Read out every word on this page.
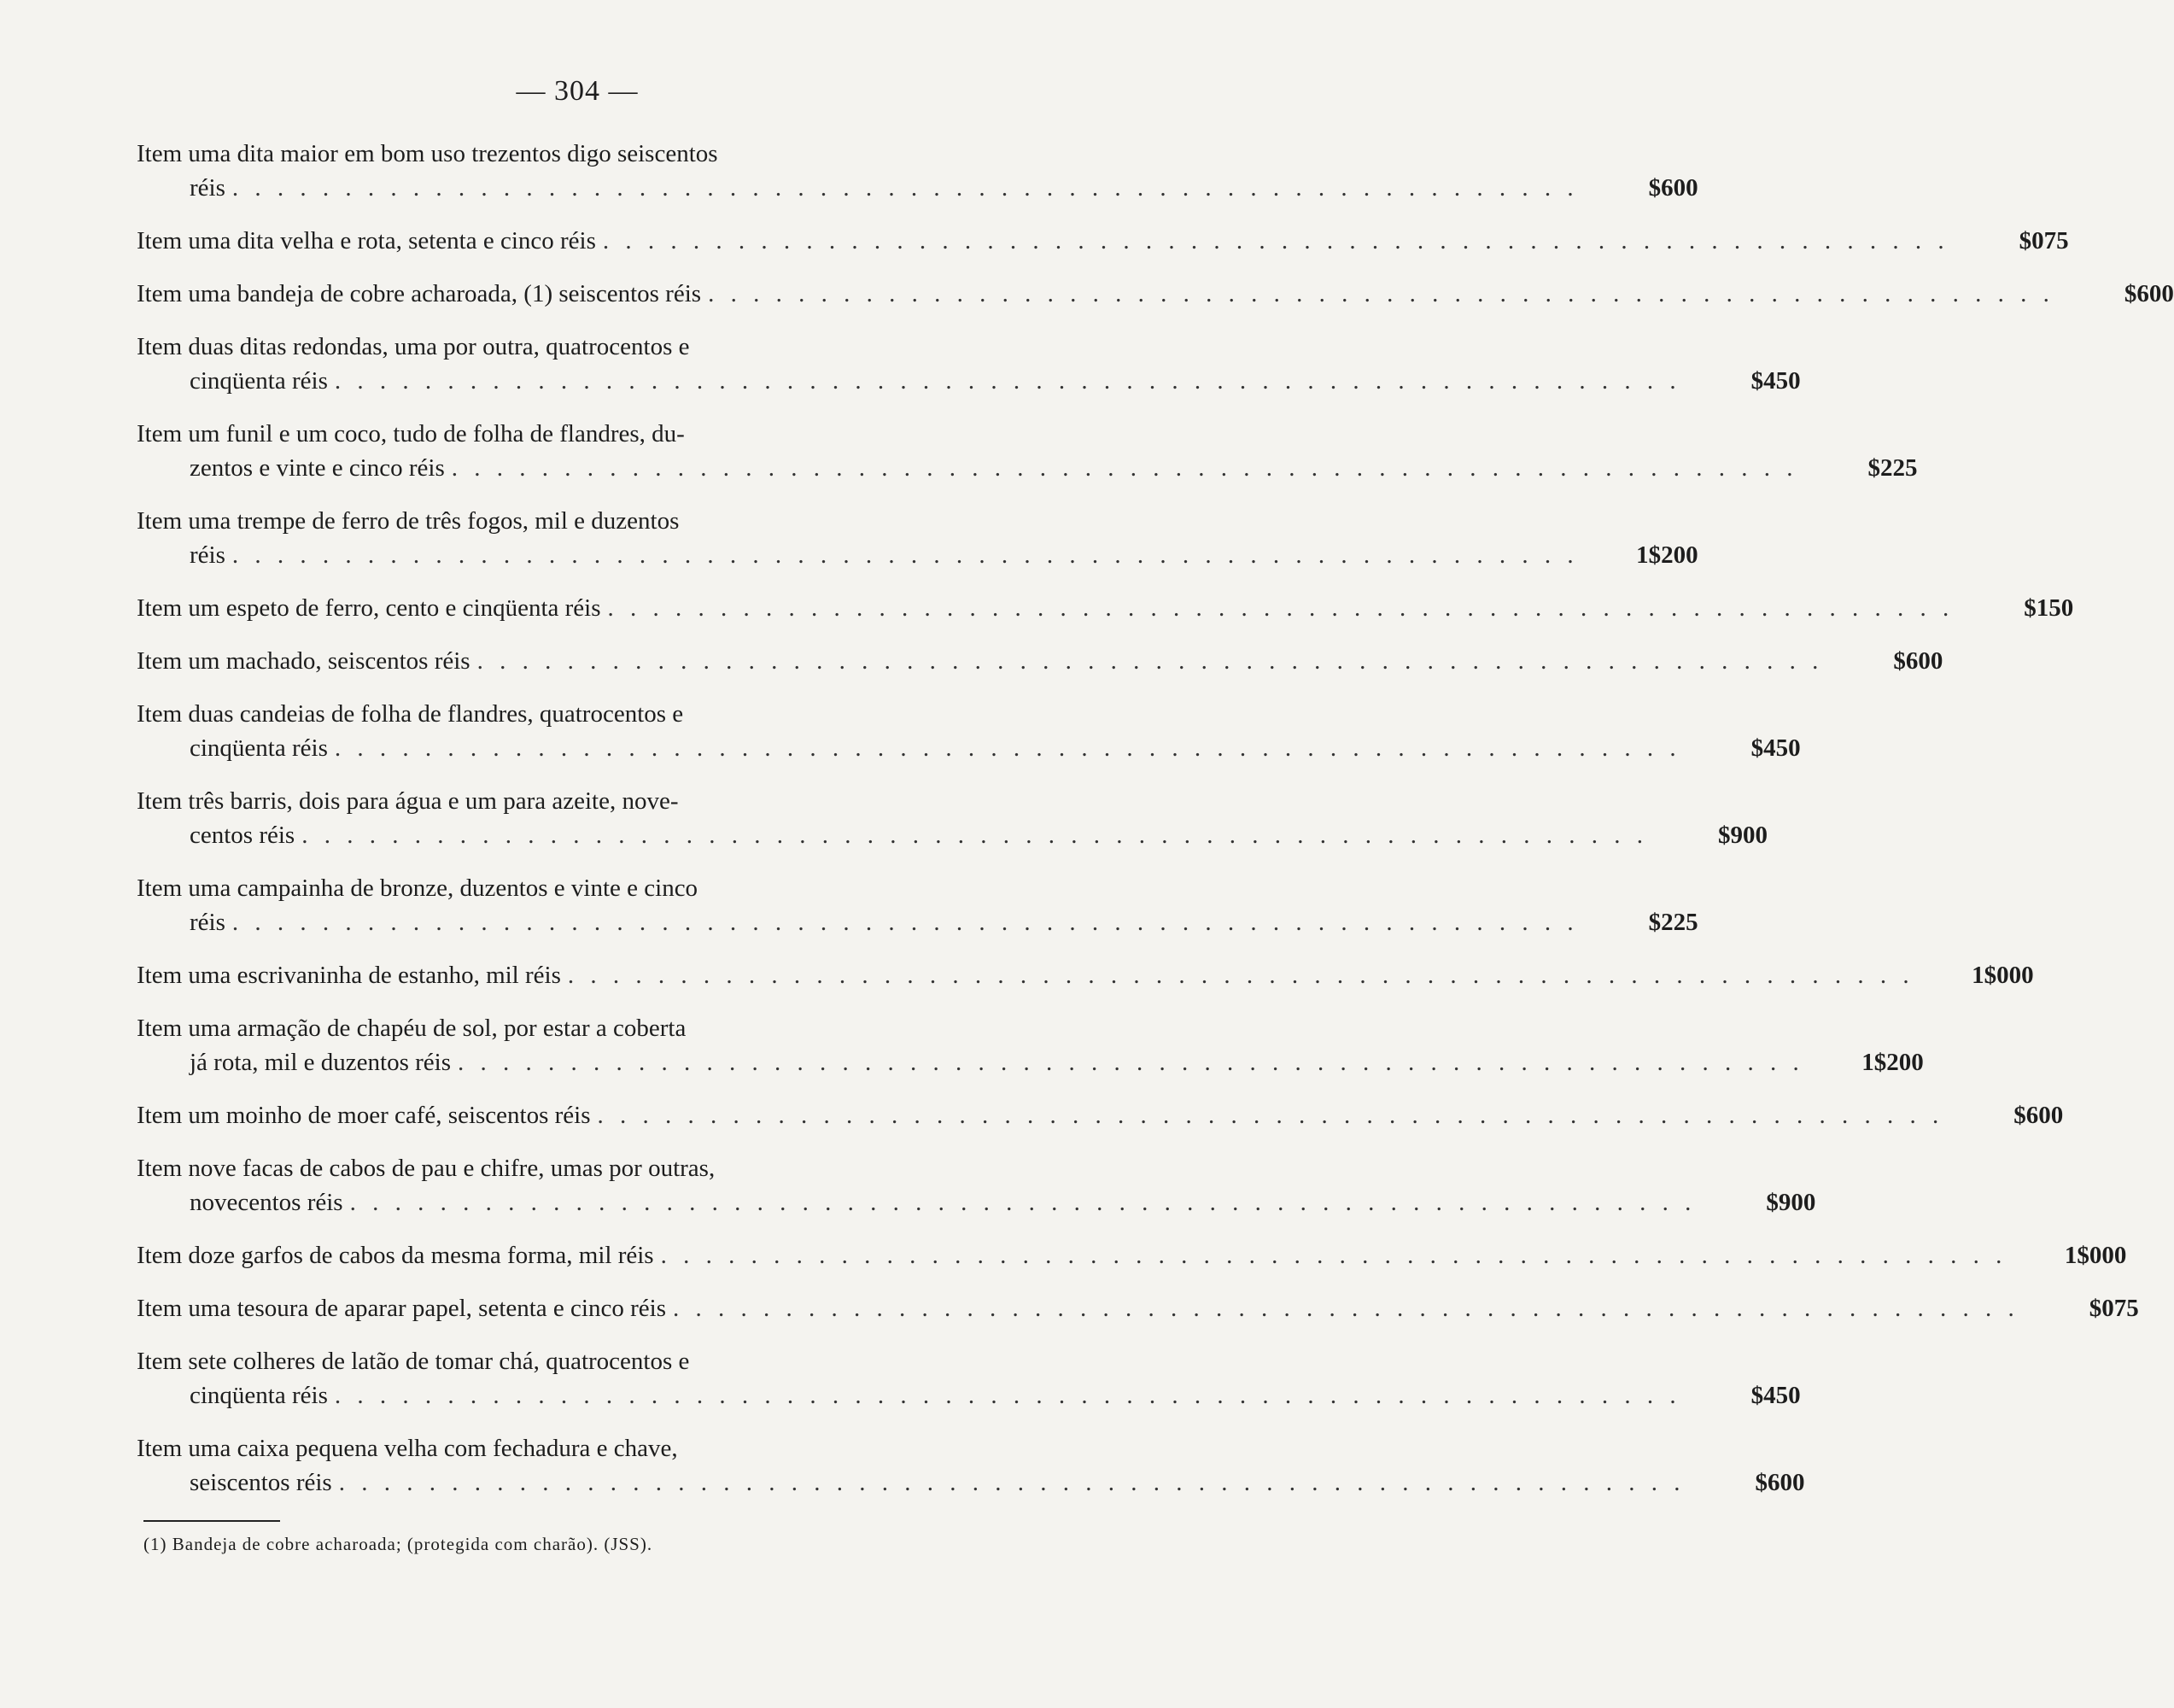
— 304 —
Item uma dita maior em bom uso trezentos digo seiscentos
réis . . . . . . . . . . . . . . . . . . . . . . . . . . . . . . . . . . . . . . . . . . . . . . . . . . . . . . . . . . . .	$600
Item uma dita velha e rota, setenta e cinco réis . . . . . . . . . . . . . . . . . . . . . . . . . . . . . . . . . . . . . . . . . . . . . . . . . . . . . . . . . . . .	$075
Item uma bandeja de cobre acharoada, (1) seiscentos réis . . . . . . . . . . . . . . . . . . . . . . . . . . . . . . . . . . . . . . . . . . . . . . . . . . . . . . . . . . . .	$600
Item duas ditas redondas, uma por outra, quatrocentos e
cinqüenta réis . . . . . . . . . . . . . . . . . . . . . . . . . . . . . . . . . . . . . . . . . . . . . . . . . . . . . . . . . . . .	$450
Item um funil e um coco, tudo de folha de flandres, du-
zentos e vinte e cinco réis . . . . . . . . . . . . . . . . . . . . . . . . . . . . . . . . . . . . . . . . . . . . . . . . . . . . . . . . . . . .	$225
Item uma trempe de ferro de três fogos, mil e duzentos
réis . . . . . . . . . . . . . . . . . . . . . . . . . . . . . . . . . . . . . . . . . . . . . . . . . . . . . . . . . . . .	1$200
Item um espeto de ferro, cento e cinqüenta réis . . . . . . . . . . . . . . . . . . . . . . . . . . . . . . . . . . . . . . . . . . . . . . . . . . . . . . . . . . . .	$150
Item um machado, seiscentos réis . . . . . . . . . . . . . . . . . . . . . . . . . . . . . . . . . . . . . . . . . . . . . . . . . . . . . . . . . . . .	$600
Item duas candeias de folha de flandres, quatrocentos e
cinqüenta réis . . . . . . . . . . . . . . . . . . . . . . . . . . . . . . . . . . . . . . . . . . . . . . . . . . . . . . . . . . . .	$450
Item três barris, dois para água e um para azeite, nove-
centos réis . . . . . . . . . . . . . . . . . . . . . . . . . . . . . . . . . . . . . . . . . . . . . . . . . . . . . . . . . . . .	$900
Item uma campainha de bronze, duzentos e vinte e cinco
réis . . . . . . . . . . . . . . . . . . . . . . . . . . . . . . . . . . . . . . . . . . . . . . . . . . . . . . . . . . . .	$225
Item uma escrivaninha de estanho, mil réis . . . . . . . . . . . . . . . . . . . . . . . . . . . . . . . . . . . . . . . . . . . . . . . . . . . . . . . . . . . .	1$000
Item uma armação de chapéu de sol, por estar a coberta
já rota, mil e duzentos réis . . . . . . . . . . . . . . . . . . . . . . . . . . . . . . . . . . . . . . . . . . . . . . . . . . . . . . . . . . . .	1$200
Item um moinho de moer café, seiscentos réis . . . . . . . . . . . . . . . . . . . . . . . . . . . . . . . . . . . . . . . . . . . . . . . . . . . . . . . . . . . .	$600
Item nove facas de cabos de pau e chifre, umas por outras,
novecentos réis . . . . . . . . . . . . . . . . . . . . . . . . . . . . . . . . . . . . . . . . . . . . . . . . . . . . . . . . . . . .	$900
Item doze garfos de cabos da mesma forma, mil réis . . . . . . . . . . . . . . . . . . . . . . . . . . . . . . . . . . . . . . . . . . . . . . . . . . . . . . . . . . . .	1$000
Item uma tesoura de aparar papel, setenta e cinco réis . . . . . . . . . . . . . . . . . . . . . . . . . . . . . . . . . . . . . . . . . . . . . . . . . . . . . . . . . . . .	$075
Item sete colheres de latão de tomar chá, quatrocentos e
cinqüenta réis . . . . . . . . . . . . . . . . . . . . . . . . . . . . . . . . . . . . . . . . . . . . . . . . . . . . . . . . . . . .	$450
Item uma caixa pequena velha com fechadura e chave,
seiscentos réis . . . . . . . . . . . . . . . . . . . . . . . . . . . . . . . . . . . . . . . . . . . . . . . . . . . . . . . . . . . .	$600
(1) Bandeja de cobre acharoada; (protegida com charão). (JSS).
